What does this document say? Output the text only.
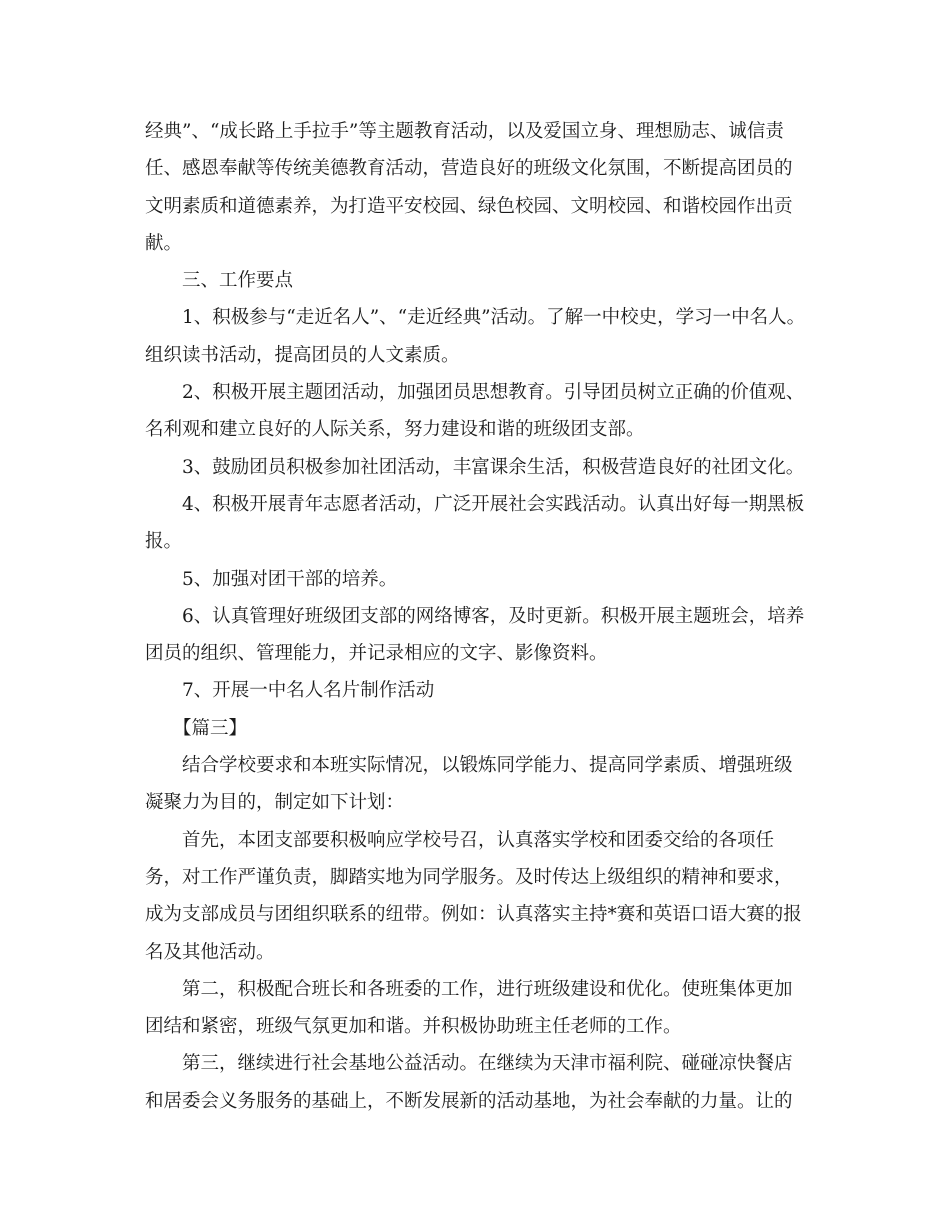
经典”、“成长路上手拉手”等主题教育活动，以及爱国立身、理想励志、诚信责
任、感恩奉献等传统美德教育活动，营造良好的班级文化氛围，不断提高团员的
文明素质和道德素养，为打造平安校园、绿色校园、文明校园、和谐校园作出贡
献。
三、工作要点
1、积极参与“走近名人”、“走近经典”活动。了解一中校史，学习一中名人。
组织读书活动，提高团员的人文素质。
2、积极开展主题团活动，加强团员思想教育。引导团员树立正确的价值观、
名利观和建立良好的人际关系，努力建设和谐的班级团支部。
3、鼓励团员积极参加社团活动，丰富课余生活，积极营造良好的社团文化。
4、积极开展青年志愿者活动，广泛开展社会实践活动。认真出好每一期黑板
报。
5、加强对团干部的培养。
6、认真管理好班级团支部的网络博客，及时更新。积极开展主题班会，培养
团员的组织、管理能力，并记录相应的文字、影像资料。
7、开展一中名人名片制作活动
【篇三】
结合学校要求和本班实际情况，以锻炼同学能力、提高同学素质、增强班级
凝聚力为目的，制定如下计划：
首先，本团支部要积极响应学校号召，认真落实学校和团委交给的各项任
务，对工作严谨负责，脚踏实地为同学服务。及时传达上级组织的精神和要求，
成为支部成员与团组织联系的纽带。例如：认真落实主持*赛和英语口语大赛的报
名及其他活动。
第二，积极配合班长和各班委的工作，进行班级建设和优化。使班集体更加
团结和紧密，班级气氛更加和谐。并积极协助班主任老师的工作。
第三，继续进行社会基地公益活动。在继续为天津市福利院、碰碰凉快餐店
和居委会义务服务的基础上，不断发展新的活动基地，为社会奉献的力量。让的
